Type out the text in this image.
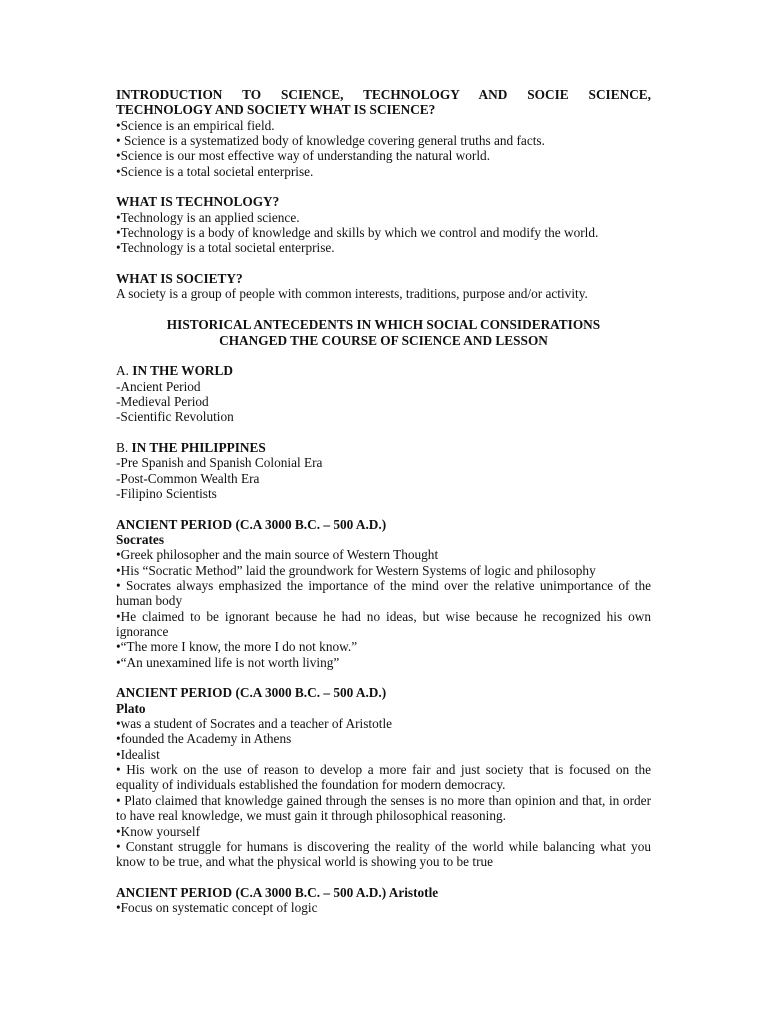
INTRODUCTION TO SCIENCE, TECHNOLOGY AND SOCIE SCIENCE,
TECHNOLOGY AND SOCIETY WHAT IS SCIENCE?
•Science is an empirical field.
• Science is a systematized body of knowledge covering general truths and facts.
•Science is our most effective way of understanding the natural world.
•Science is a total societal enterprise.
WHAT IS TECHNOLOGY?
•Technology is an applied science.
•Technology is a body of knowledge and skills by which we control and modify the world.
•Technology is a total societal enterprise.
WHAT IS SOCIETY?
A society is a group of people with common interests, traditions, purpose and/or activity.
HISTORICAL ANTECEDENTS IN WHICH SOCIAL CONSIDERATIONS
CHANGED THE COURSE OF SCIENCE AND LESSON
A. IN THE WORLD
-Ancient Period
-Medieval Period
-Scientific Revolution
B. IN THE PHILIPPINES
-Pre Spanish and Spanish Colonial Era
-Post-Common Wealth Era
-Filipino Scientists
ANCIENT PERIOD (C.A 3000 B.C. – 500 A.D.)
Socrates
•Greek philosopher and the main source of Western Thought
•His “Socratic Method” laid the groundwork for Western Systems of logic and philosophy
• Socrates always emphasized the importance of the mind over the relative unimportance of the human body
•He claimed to be ignorant because he had no ideas, but wise because he recognized his own ignorance
•“The more I know, the more I do not know.”
•“An unexamined life is not worth living”
ANCIENT PERIOD (C.A 3000 B.C. – 500 A.D.)
Plato
•was a student of Socrates and a teacher of Aristotle
•founded the Academy in Athens
•Idealist
• His work on the use of reason to develop a more fair and just society that is focused on the equality of individuals established the foundation for modern democracy.
• Plato claimed that knowledge gained through the senses is no more than opinion and that, in order to have real knowledge, we must gain it through philosophical reasoning.
•Know yourself
• Constant struggle for humans is discovering the reality of the world while balancing what you know to be true, and what the physical world is showing you to be true
ANCIENT PERIOD (C.A 3000 B.C. – 500 A.D.) Aristotle
•Focus on systematic concept of logic
